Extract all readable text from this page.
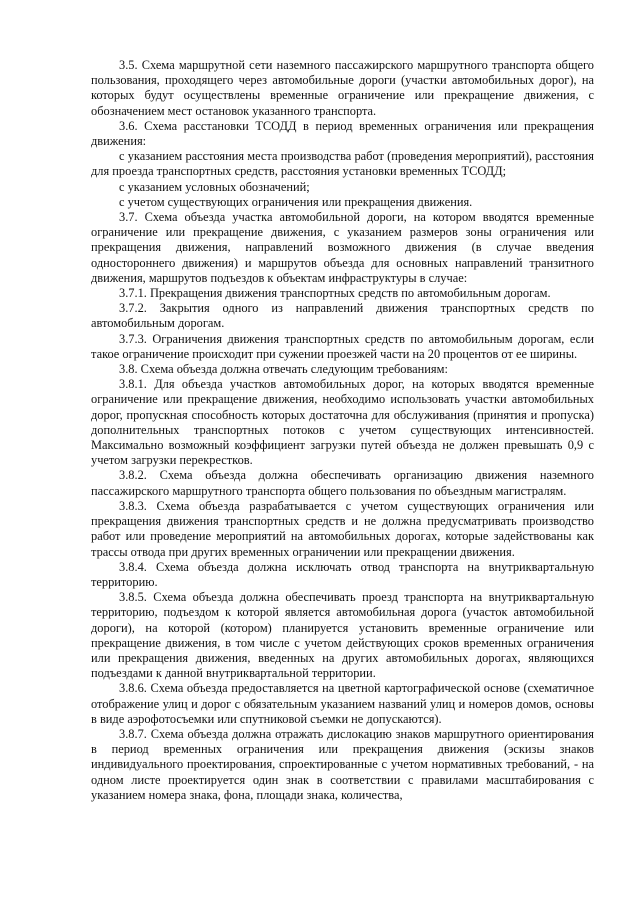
3.5. Схема маршрутной сети наземного пассажирского маршрутного транспорта общего пользования, проходящего через автомобильные дороги (участки автомобильных дорог), на которых будут осуществлены временные ограничение или прекращение движения, с обозначением мест остановок указанного транспорта.

3.6. Схема расстановки ТСОДД в период временных ограничения или прекращения движения:

с указанием расстояния места производства работ (проведения мероприятий), расстояния для проезда транспортных средств, расстояния установки временных ТСОДД;

с указанием условных обозначений;

с учетом существующих ограничения или прекращения движения.

3.7. Схема объезда участка автомобильной дороги, на котором вводятся временные ограничение или прекращение движения, с указанием размеров зоны ограничения или прекращения движения, направлений возможного движения (в случае введения одностороннего движения) и маршрутов объезда для основных направлений транзитного движения, маршрутов подъездов к объектам инфраструктуры в случае:

3.7.1. Прекращения движения транспортных средств по автомобильным дорогам.

3.7.2. Закрытия одного из направлений движения транспортных средств по автомобильным дорогам.

3.7.3. Ограничения движения транспортных средств по автомобильным дорогам, если такое ограничение происходит при сужении проезжей части на 20 процентов от ее ширины.

3.8. Схема объезда должна отвечать следующим требованиям:

3.8.1. Для объезда участков автомобильных дорог, на которых вводятся временные ограничение или прекращение движения, необходимо использовать участки автомобильных дорог, пропускная способность которых достаточна для обслуживания (принятия и пропуска) дополнительных транспортных потоков с учетом существующих интенсивностей. Максимально возможный коэффициент загрузки путей объезда не должен превышать 0,9 с учетом загрузки перекрестков.

3.8.2. Схема объезда должна обеспечивать организацию движения наземного пассажирского маршрутного транспорта общего пользования по объездным магистралям.

3.8.3. Схема объезда разрабатывается с учетом существующих ограничения или прекращения движения транспортных средств и не должна предусматривать производство работ или проведение мероприятий на автомобильных дорогах, которые задействованы как трассы отвода при других временных ограничении или прекращении движения.

3.8.4. Схема объезда должна исключать отвод транспорта на внутриквартальную территорию.

3.8.5. Схема объезда должна обеспечивать проезд транспорта на внутриквартальную территорию, подъездом к которой является автомобильная дорога (участок автомобильной дороги), на которой (котором) планируется установить временные ограничение или прекращение движения, в том числе с учетом действующих сроков временных ограничения или прекращения движения, введенных на других автомобильных дорогах, являющихся подъездами к данной внутриквартальной территории.

3.8.6. Схема объезда предоставляется на цветной картографической основе (схематичное отображение улиц и дорог с обязательным указанием названий улиц и номеров домов, основы в виде аэрофотосъемки или спутниковой съемки не допускаются).

3.8.7. Схема объезда должна отражать дислокацию знаков маршрутного ориентирования в период временных ограничения или прекращения движения (эскизы знаков индивидуального проектирования, спроектированные с учетом нормативных требований, - на одном листе проектируется один знак в соответствии с правилами масштабирования с указанием номера знака, фона, площади знака, количества,
